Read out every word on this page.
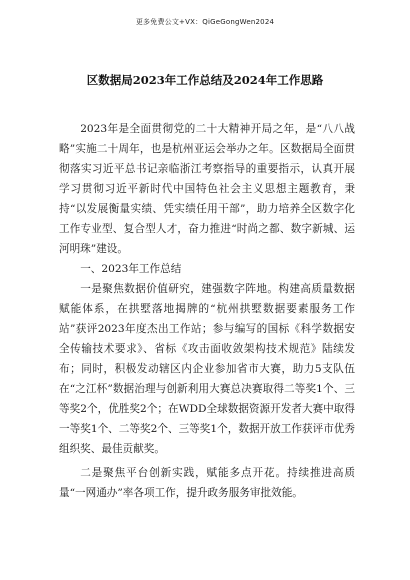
更多免费公文+VX：QiGeGongWen2024
区数据局2023年工作总结及2024年工作思路

2023年是全面贯彻党的二十大精神开局之年，是“八八战略”实施二十周年，也是杭州亚运会举办之年。区数据局全面贯彻落实习近平总书记亲临浙江考察指导的重要指示，认真开展学习贯彻习近平新时代中国特色社会主义思想主题教育，秉持“以发展衡量实绩、凭实绩任用干部”，助力培养全区数字化工作专业型、复合型人才，奋力推进“时尚之都、数字新城、运河明珠”建设。

一、2023年工作总结

一是聚焦数据价值研究，建强数字阵地。构建高质量数据赋能体系，在拱墅落地揭牌的“杭州拱墅数据要素服务工作站”获评2023年度杰出工作站；参与编写的国标《科学数据安全传输技术要求》、省标《攻击面收敛架构技术规范》陆续发布；同时，积极发动辖区内企业参加省市大赛，助力5支队伍在“之江杯”数据治理与创新利用大赛总决赛取得二等奖1个、三等奖2个，优胜奖2个；在WDD全球数据资源开发者大赛中取得一等奖1个、二等奖2个、三等奖1个，数据开放工作获评市优秀组织奖、最佳贡献奖。

二是聚焦平台创新实践，赋能多点开花。持续推进高质量“一网通办”率各项工作，提升政务服务审批效能。
